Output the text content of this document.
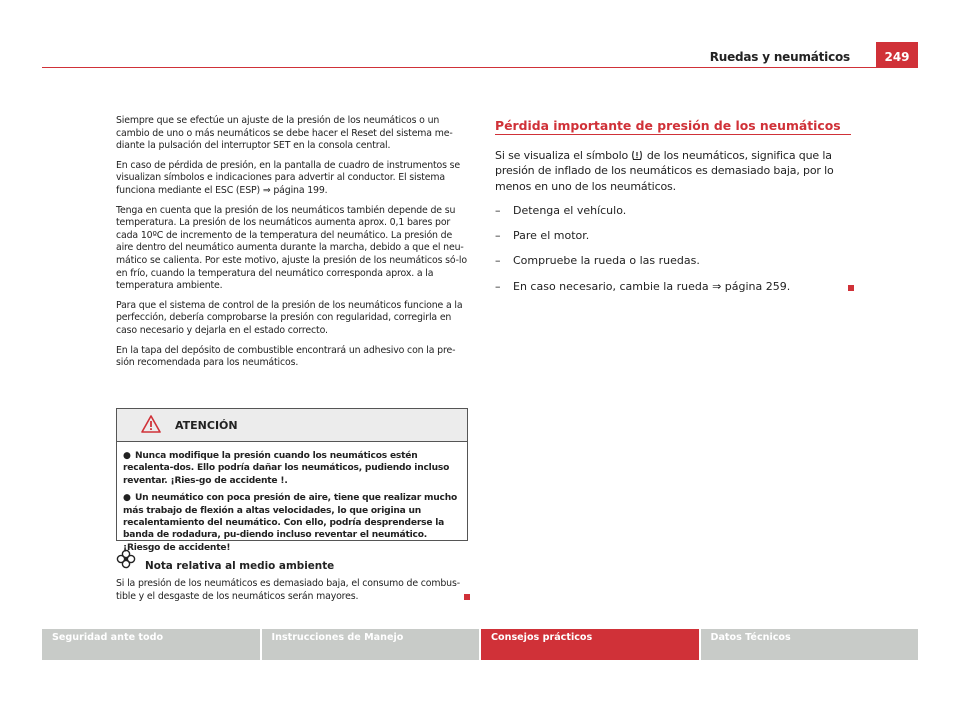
Ruedas y neumáticos	249

Siempre que se efectúe un ajuste de la presión de los neumáticos o un cambio de uno o más neumáticos se debe hacer el Reset del sistema me-diante la pulsación del interruptor SET en la consola central.

En caso de pérdida de presión, en la pantalla de cuadro de instrumentos se visualizan símbolos e indicaciones para advertir al conductor. El sistema funciona mediante el ESC (ESP) ⇒ página 199.

Tenga en cuenta que la presión de los neumáticos también depende de su temperatura. La presión de los neumáticos aumenta aprox. 0,1 bares por cada 10ºC de incremento de la temperatura del neumático. La presión de aire dentro del neumático aumenta durante la marcha, debido a que el neu-mático se calienta. Por este motivo, ajuste la presión de los neumáticos só-lo en frío, cuando la temperatura del neumático corresponda aprox. a la temperatura ambiente.

Para que el sistema de control de la presión de los neumáticos funcione a la perfección, debería comprobarse la presión con regularidad, corregirla en caso necesario y dejarla en el estado correcto.

En la tapa del depósito de combustible encontrará un adhesivo con la pre-sión recomendada para los neumáticos.

ATENCIÓN
● Nunca modifique la presión cuando los neumáticos estén recalenta-dos. Ello podría dañar los neumáticos, pudiendo incluso reventar. ¡Ries-go de accidente !.
● Un neumático con poca presión de aire, tiene que realizar mucho más trabajo de flexión a altas velocidades, lo que origina un recalentamiento del neumático. Con ello, podría desprenderse la banda de rodadura, pu-diendo incluso reventar el neumático. ¡Riesgo de accidente!
Nota relativa al medio ambiente
Si la presión de los neumáticos es demasiado baja, el consumo de combus-tible y el desgaste de los neumáticos serán mayores.
Pérdida importante de presión de los neumáticos

Si se visualiza el símbolo de los neumáticos, significa que la presión de inflado de los neumáticos es demasiado baja, por lo menos en uno de los neumáticos.

– Detenga el vehículo.
– Pare el motor.
– Compruebe la rueda o las ruedas.
– En caso necesario, cambie la rueda ⇒ página 259.
Seguridad ante todo	Instrucciones de Manejo	Consejos prácticos	Datos Técnicos
